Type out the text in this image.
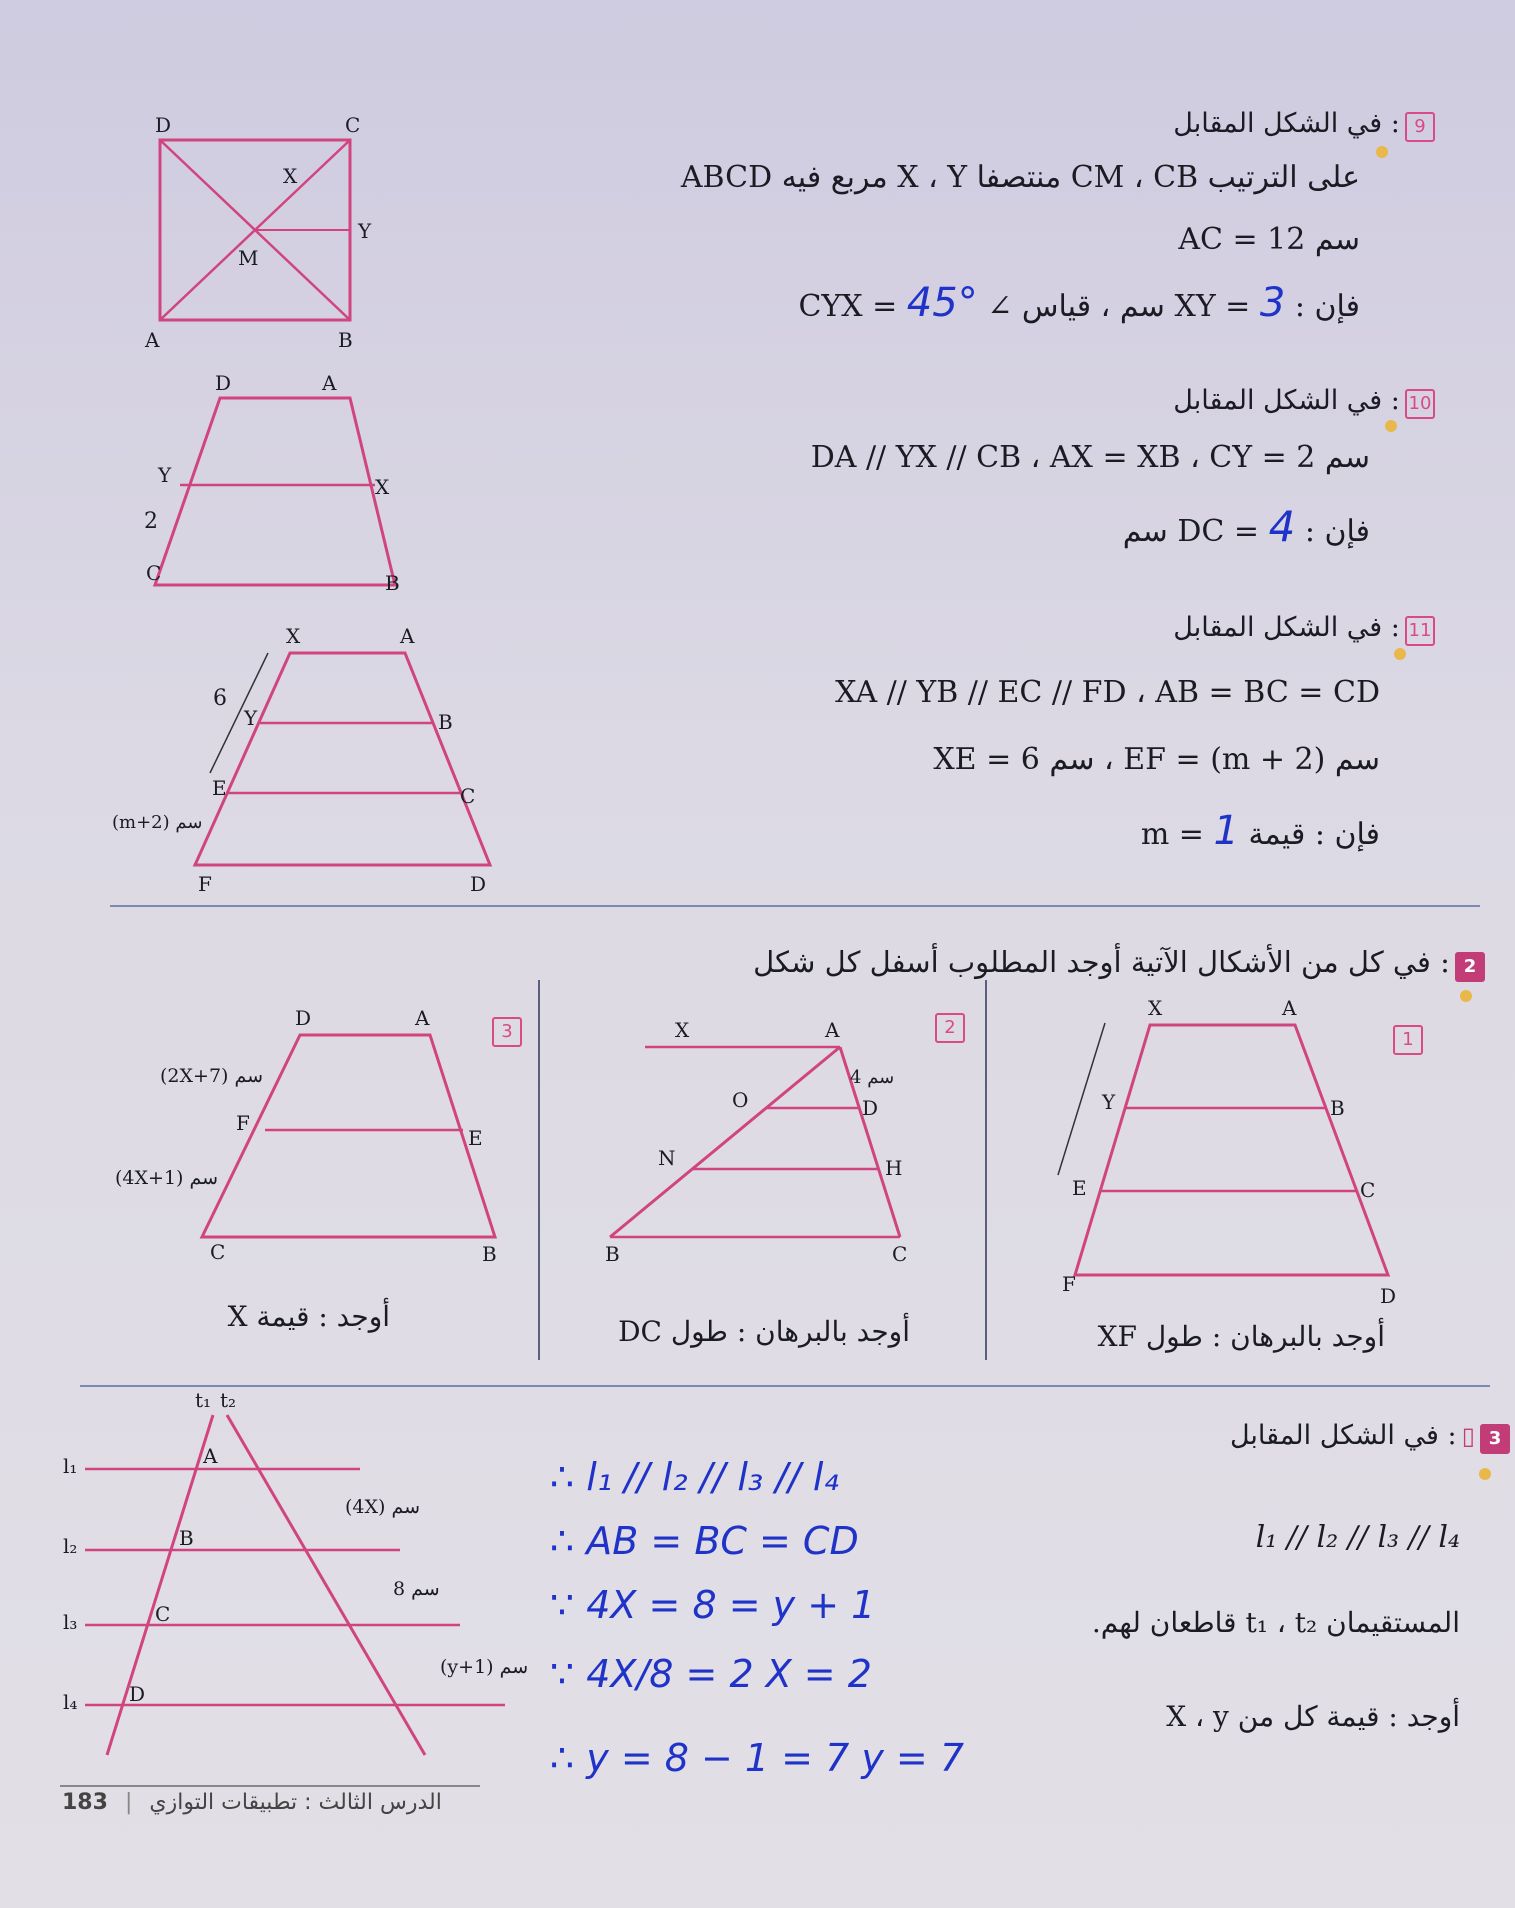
D	C
X
Y
M
A	B
في الشكل المقابل : 9
ABCD مربع فيه X ، Y منتصفا CM ، CB على الترتيب
AC = 12 سم
فإن : XY = 3 سم ، قياس ∠ CYX = 45°
D	A
Y	X
C	B
2
في الشكل المقابل : 10
DA // YX // CB ، AX = XB ، CY = 2 سم
فإن : DC = 4 سم
X	A
Y	B
E	C
F	D
(m+2) سم
6
في الشكل المقابل : 11
XA // YB // EC // FD ، AB = BC = CD
XE = 6 سم ، EF = (m + 2) سم
فإن : قيمة m = 1
في كل من الأشكال الآتية أوجد المطلوب أسفل كل شكل : 2
X	A
Y	B
E	C
F	D
1
أوجد بالبرهان : طول XF
X	A
O	D
N	H
B	C
4 سم
2
أوجد بالبرهان : طول DC
D	A
F
E
C	B
(2X+7) سم
(4X+1) سم
3
أوجد : قيمة X
t₁ t₂
l₁
l₂
l₃
l₄
A
B
C
D
(4X) سم
8 سم
(y+1) سم
في الشكل المقابل : ▯ 3
l₁ // l₂ // l₃ // l₄
المستقيمان t₁ ، t₂ قاطعان لهم.
أوجد : قيمة كل من X ، y
∴ l₁ // l₂ // l₃ // l₄
∴ AB = BC = CD
∵ 4X = 8 = y + 1
∵ 4X/8 = 2 X = 2
∴ y = 8 − 1 = 7 y = 7
183 | الدرس الثالث : تطبيقات التوازي
